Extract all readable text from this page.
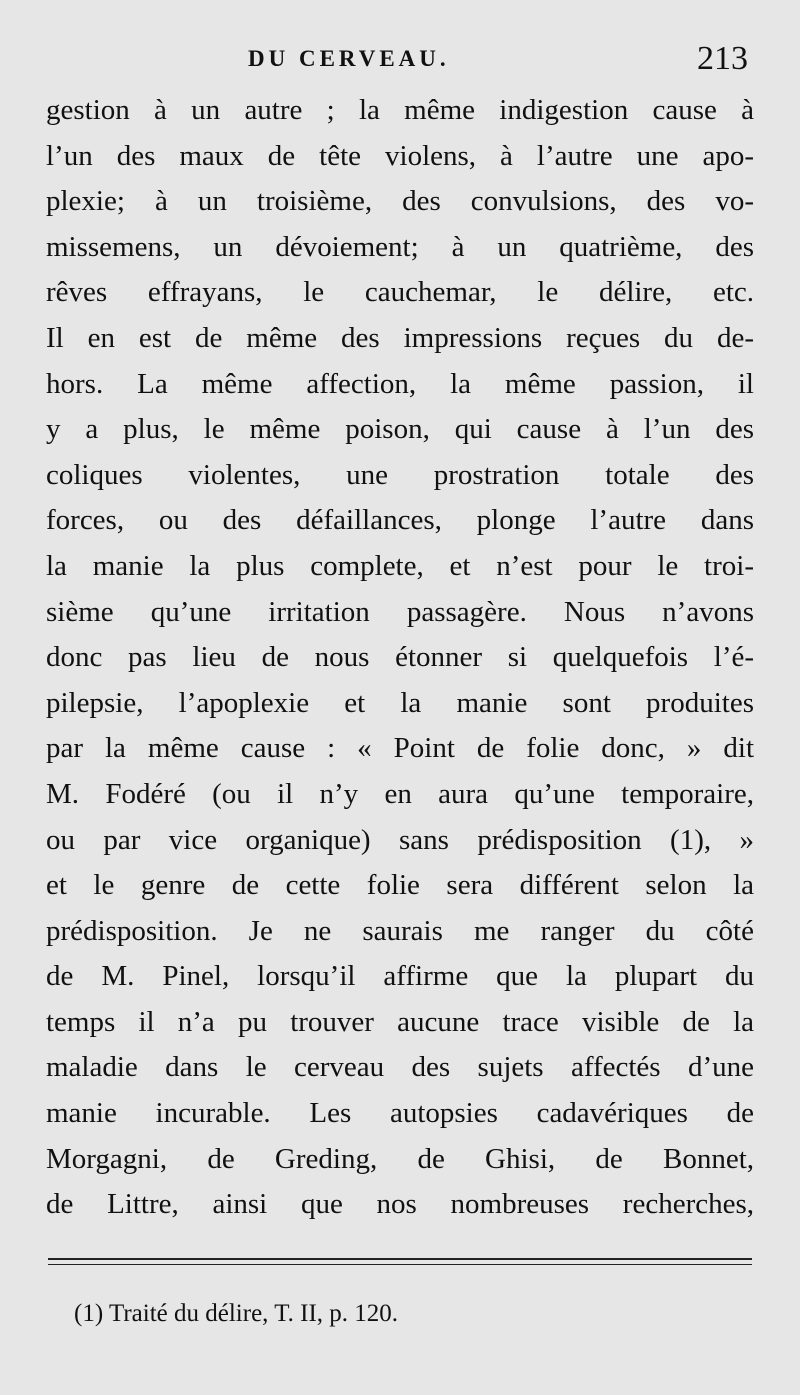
DU CERVEAU.	213
gestion à un autre ; la même indigestion cause à
l’un des maux de tête violens, à l’autre une apo-
plexie; à un troisième, des convulsions, des vo-
missemens, un dévoiement; à un quatrième, des
rêves effrayans, le cauchemar, le délire, etc.
Il en est de même des impressions reçues du de-
hors. La même affection, la même passion, il
y a plus, le même poison, qui cause à l’un des
coliques violentes, une prostration totale des
forces, ou des défaillances, plonge l’autre dans
la manie la plus complete, et n’est pour le troi-
sième qu’une irritation passagère. Nous n’avons
donc pas lieu de nous étonner si quelquefois l’é-
pilepsie, l’apoplexie et la manie sont produites
par la même cause : « Point de folie donc, » dit
M. Fodéré (ou il n’y en aura qu’une temporaire,
ou par vice organique) sans prédisposition (1), »
et le genre de cette folie sera différent selon la
prédisposition. Je ne saurais me ranger du côté
de M. Pinel, lorsqu’il affirme que la plupart du
temps il n’a pu trouver aucune trace visible de la
maladie dans le cerveau des sujets affectés d’une
manie incurable. Les autopsies cadavériques de
Morgagni, de Greding, de Ghisi, de Bonnet,
de Littre, ainsi que nos nombreuses recherches,
(1) Traité du délire, T. II, p. 120.
